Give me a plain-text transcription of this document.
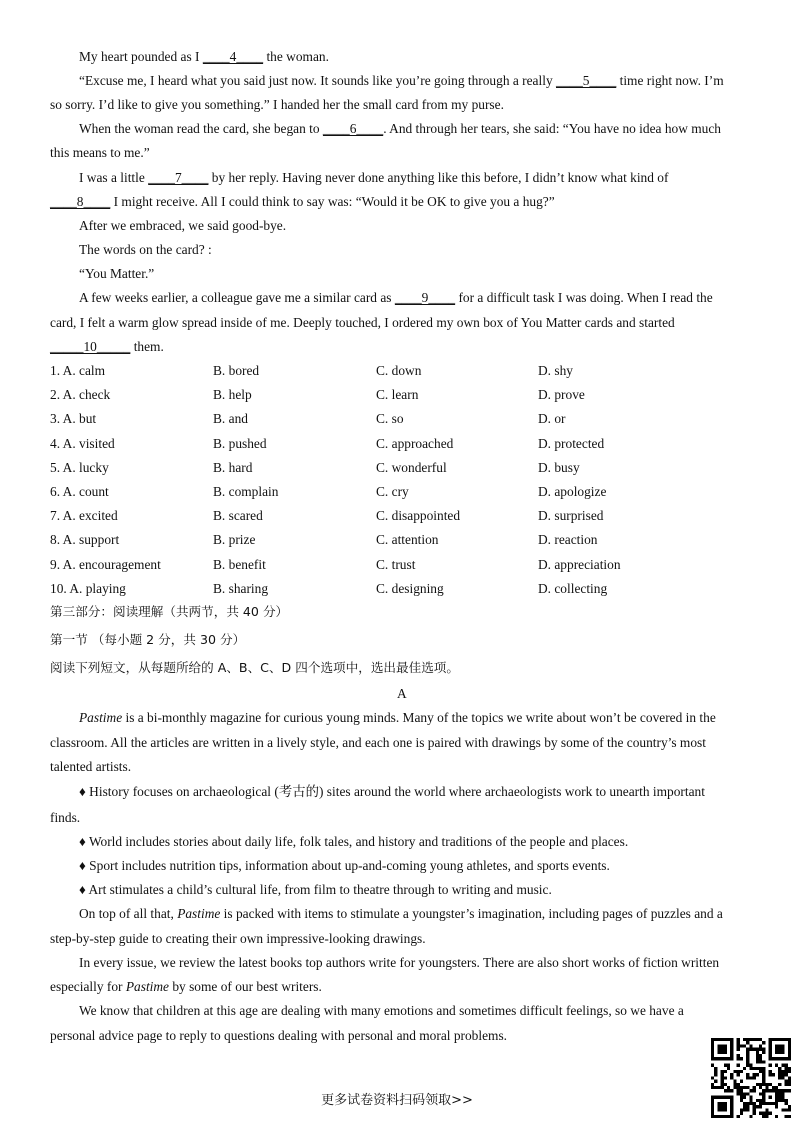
My heart pounded as I ____4____ the woman.
“Excuse me, I heard what you said just now. It sounds like you’re going through a really ____5____ time right now. I’m
so sorry. I’d like to give you something.” I handed her the small card from my purse.
When the woman read the card, she began to ____6____. And through her tears, she said: “You have no idea how much
this means to me.”
I was a little ____7____ by her reply. Having never done anything like this before, I didn’t know what kind of
____8____ I might receive. All I could think to say was: “Would it be OK to give you a hug?”
After we embraced, we said good-bye.
The words on the card? :
“You Matter.”
A few weeks earlier, a colleague gave me a similar card as ____9____ for a difficult task I was doing. When I read the
card, I felt a warm glow spread inside of me. Deeply touched, I ordered my own box of You Matter cards and started
_____10_____ them.
1. A. calm	B. bored	C. down	D. shy
2. A. check	B. help	C. learn	D. prove
3. A. but	B. and	C. so	D. or
4. A. visited	B. pushed	C. approached	D. protected
5. A. lucky	B. hard	C. wonderful	D. busy
6. A. count	B. complain	C. cry	D. apologize
7. A. excited	B. scared	C. disappointed	D. surprised
8. A. support	B. prize	C. attention	D. reaction
9. A. encouragement	B. benefit	C. trust	D. appreciation
10. A. playing	B. sharing	C. designing	D. collecting
第三部分：阅读理解（共两节，共 40 分）
第一节 （每小题 2 分，共 30 分）
阅读下列短文，从每题所给的 A、B、C、D 四个选项中，选出最佳选项。
A
Pastime is a bi-monthly magazine for curious young minds. Many of the topics we write about won’t be covered in the
classroom. All the articles are written in a lively style, and each one is paired with drawings by some of the country’s most
talented artists.
♦ History focuses on archaeological (考古的) sites around the world where archaeologists work to unearth important
finds.
♦ World includes stories about daily life, folk tales, and history and traditions of the people and places.
♦ Sport includes nutrition tips, information about up-and-coming young athletes, and sports events.
♦ Art stimulates a child’s cultural life, from film to theatre through to writing and music.
On top of all that, Pastime is packed with items to stimulate a youngster’s imagination, including pages of puzzles and a
step-by-step guide to creating their own impressive-looking drawings.
In every issue, we review the latest books top authors write for youngsters. There are also short works of fiction written
especially for Pastime by some of our best writers.
We know that children at this age are dealing with many emotions and sometimes difficult feelings, so we have a
personal advice page to reply to questions dealing with personal and moral problems.
更多试卷资料扫码领取>>
